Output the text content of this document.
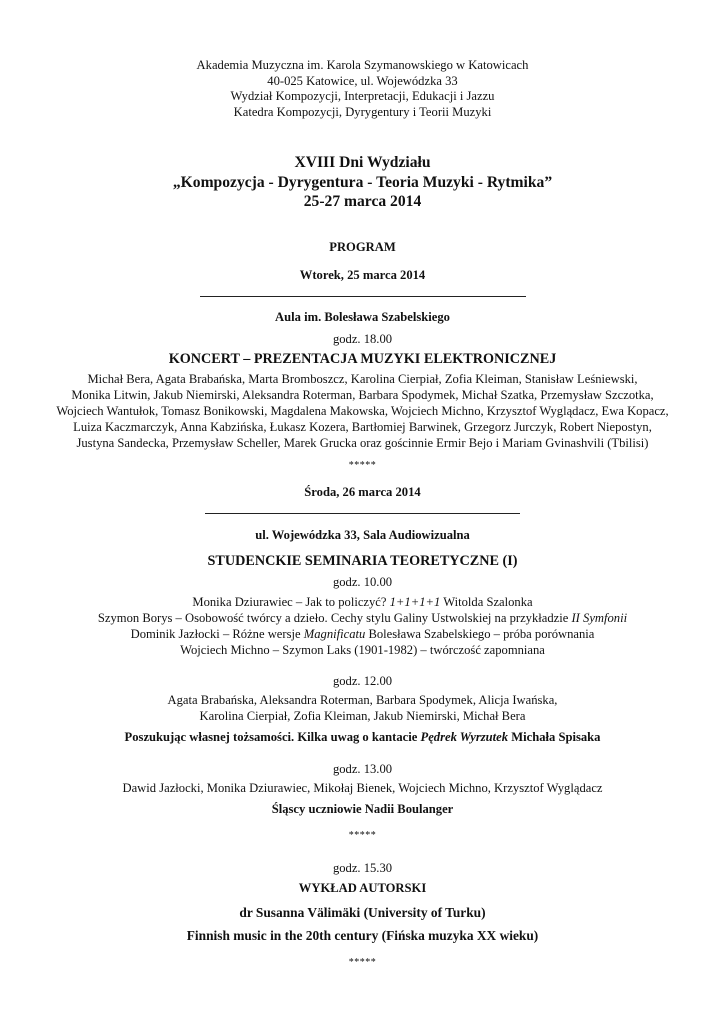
Akademia Muzyczna im. Karola Szymanowskiego w Katowicach
40-025 Katowice, ul. Wojewódzka 33
Wydział Kompozycji, Interpretacji, Edukacji i Jazzu
Katedra Kompozycji, Dyrygentury i Teorii Muzyki
XVIII Dni Wydziału
„Kompozycja - Dyrygentura - Teoria Muzyki - Rytmika”
25-27 marca 2014
PROGRAM
Wtorek, 25 marca 2014
Aula im. Bolesława Szabelskiego
godz. 18.00
KONCERT – PREZENTACJA MUZYKI ELEKTRONICZNEJ
Michał Bera, Agata Brabańska, Marta Bromboszcz, Karolina Cierpiał, Zofia Kleiman, Stanisław Leśniewski,
Monika Litwin, Jakub Niemirski, Aleksandra Roterman, Barbara Spodymek, Michał Szatka, Przemysław Szczotka,
Wojciech Wantułok, Tomasz Bonikowski, Magdalena Makowska, Wojciech Michno, Krzysztof Wyglądacz, Ewa Kopacz,
Luiza Kaczmarczyk, Anna Kabzińska, Łukasz Kozera, Bartłomiej Barwinek, Grzegorz Jurczyk, Robert Niepostyn,
Justyna Sandecka, Przemysław Scheller, Marek Grucka oraz gościnnie Ermir Bejo i Mariam Gvinashvili (Tbilisi)
*****
Środa, 26 marca 2014
ul. Wojewódzka 33, Sala Audiowizualna
STUDENCKIE SEMINARIA TEORETYCZNE (I)
godz. 10.00
Monika Dziurawiec – Jak to policzyć? 1+1+1+1 Witolda Szalonka
Szymon Borys – Osobowość twórcy a dzieło. Cechy stylu Galiny Ustwolskiej na przykładzie II Symfonii
Dominik Jazłocki – Różne wersje Magnificatu Bolesława Szabelskiego – próba porównania
Wojciech Michno – Szymon Laks (1901-1982) – twórczość zapomniana
godz. 12.00
Agata Brabańska, Aleksandra Roterman, Barbara Spodymek, Alicja Iwańska,
Karolina Cierpiał, Zofia Kleiman, Jakub Niemirski, Michał Bera
Poszukując własnej tożsamości. Kilka uwag o kantacie Pędrek Wyrzutek Michała Spisaka
godz. 13.00
Dawid Jazłocki, Monika Dziurawiec, Mikołaj Bienek, Wojciech Michno, Krzysztof Wyglądacz
Śląscy uczniowie Nadii Boulanger
*****
godz. 15.30
WYKŁAD AUTORSKI
dr Susanna Välimäki (University of Turku)
Finnish music in the 20th century (Fińska muzyka XX wieku)
*****
